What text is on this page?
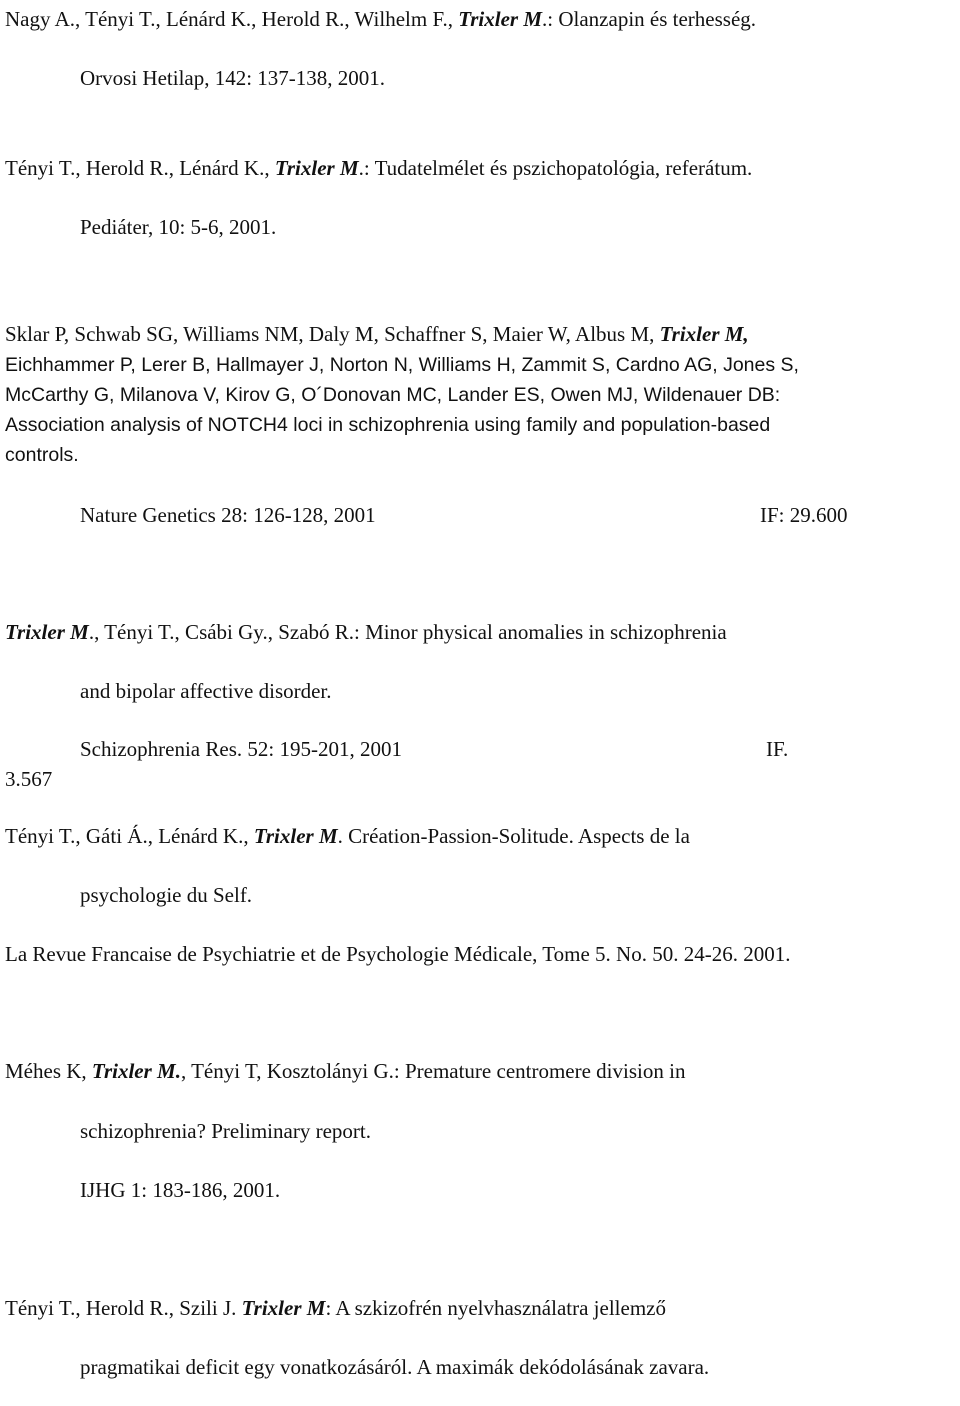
Nagy A., Tényi T., Lénárd K., Herold R., Wilhelm F., Trixler M.: Olanzapin és terhesség.
Orvosi Hetilap, 142: 137-138, 2001.
Tényi T., Herold R., Lénárd K., Trixler M.: Tudatelmélet és pszichopatológia, referátum.
Pediáter, 10: 5-6, 2001.
Sklar P, Schwab SG, Williams NM, Daly M, Schaffner S, Maier W, Albus M, Trixler M,
Eichhammer P, Lerer B, Hallmayer J, Norton N, Williams H, Zammit S, Cardno AG, Jones S,
McCarthy G, Milanova V, Kirov G, O´Donovan MC, Lander ES, Owen MJ, Wildenauer DB:
Association analysis of NOTCH4 loci in schizophrenia using family and population-based
controls.
Nature Genetics 28: 126-128, 2001	IF: 29.600
Trixler M., Tényi T., Csábi Gy., Szabó R.: Minor physical anomalies in schizophrenia
and bipolar affective disorder.
Schizophrenia Res. 52: 195-201, 2001	IF.
3.567
Tényi T., Gáti Á., Lénárd K., Trixler M. Création-Passion-Solitude. Aspects de la
psychologie du Self.
La Revue Francaise de Psychiatrie et de Psychologie Médicale, Tome 5. No. 50. 24-26. 2001.
Méhes K, Trixler M., Tényi T, Kosztolányi G.: Premature centromere division in
schizophrenia? Preliminary report.
IJHG 1: 183-186, 2001.
Tényi T., Herold R., Szili J. Trixler M: A szkizofrén nyelvhasználatra jellemző
pragmatikai deficit egy vonatkozásáról. A maximák dekódolásának zavara.
